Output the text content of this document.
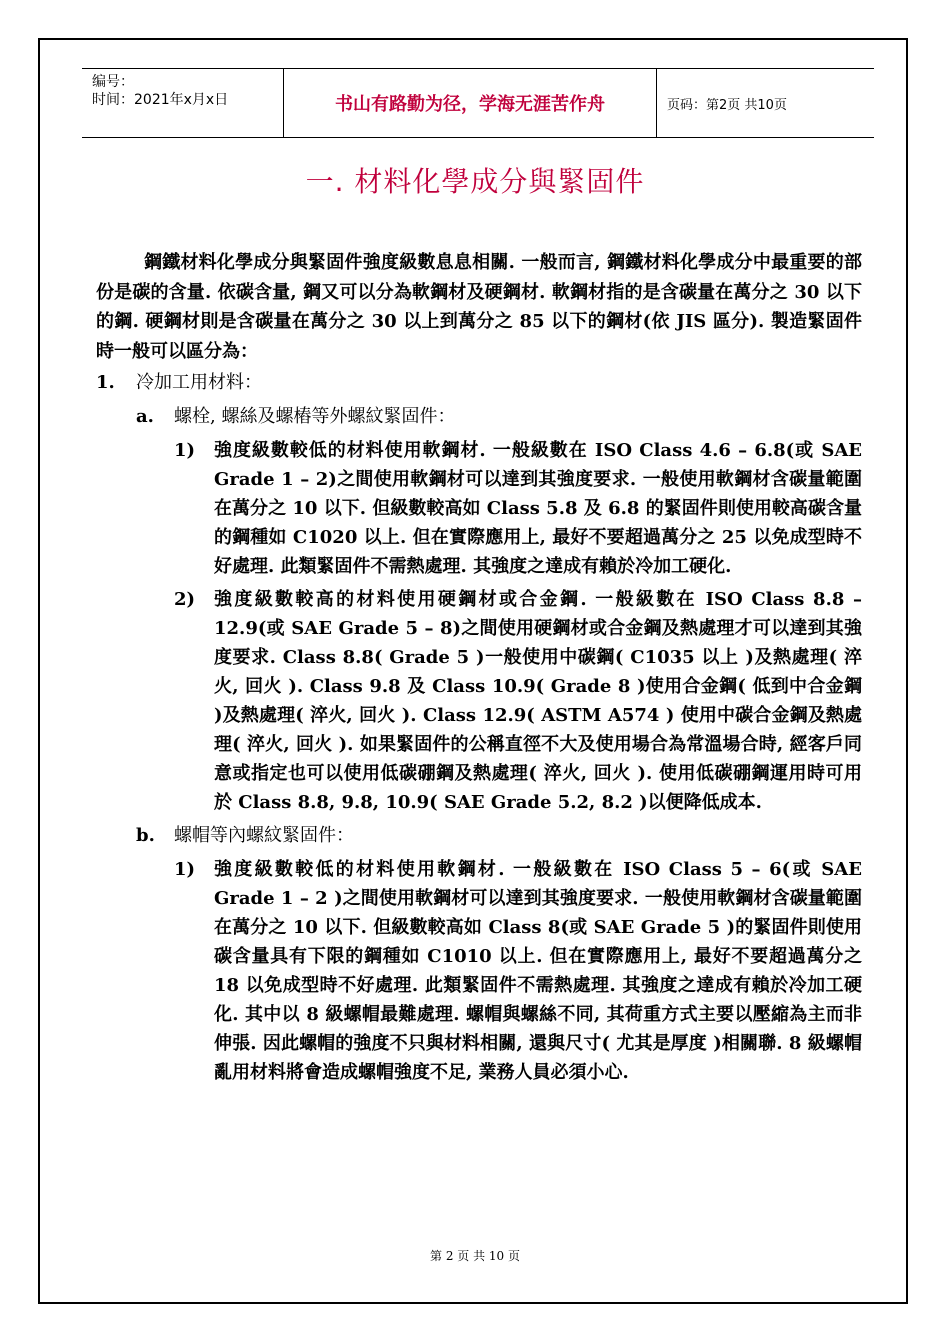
编号：
时间：2021年x月x日	书山有路勤为径，学海无涯苦作舟	页码：第2页 共10页
一. 材料化學成分與緊固件
鋼鐵材料化學成分與緊固件強度級數息息相關. 一般而言, 鋼鐵材料化學成分中最重要的部份是碳的含量. 依碳含量, 鋼又可以分為軟鋼材及硬鋼材. 軟鋼材指的是含碳量在萬分之 30 以下的鋼. 硬鋼材則是含碳量在萬分之 30 以上到萬分之 85 以下的鋼材(依 JIS 區分). 製造緊固件時一般可以區分為：
1.	冷加工用材料：
a.	螺栓, 螺絲及螺樁等外螺紋緊固件：
1)	強度級數較低的材料使用軟鋼材. 一般級數在 ISO Class 4.6 – 6.8(或 SAE Grade 1 – 2)之間使用軟鋼材可以達到其強度要求. 一般使用軟鋼材含碳量範圍在萬分之 10 以下. 但級數較高如 Class 5.8 及 6.8 的緊固件則使用較高碳含量的鋼種如 C1020 以上. 但在實際應用上, 最好不要超過萬分之 25 以免成型時不好處理. 此類緊固件不需熱處理. 其強度之達成有賴於冷加工硬化.
2)	強度級數較高的材料使用硬鋼材或合金鋼. 一般級數在 ISO Class 8.8 – 12.9(或 SAE Grade 5 – 8)之間使用硬鋼材或合金鋼及熱處理才可以達到其強度要求. Class 8.8( Grade 5 )一般使用中碳鋼( C1035 以上 )及熱處理( 淬火, 回火 ). Class 9.8 及 Class 10.9( Grade 8 )使用合金鋼( 低到中合金鋼 )及熱處理( 淬火, 回火 ). Class 12.9( ASTM A574 ) 使用中碳合金鋼及熱處理( 淬火, 回火 ). 如果緊固件的公稱直徑不大及使用場合為常溫場合時, 經客戶同意或指定也可以使用低碳硼鋼及熱處理( 淬火, 回火 ). 使用低碳硼鋼運用時可用於 Class 8.8, 9.8, 10.9( SAE Grade 5.2, 8.2 )以便降低成本.
b.	螺帽等內螺紋緊固件：
1)	強度級數較低的材料使用軟鋼材. 一般級數在 ISO Class 5 – 6(或 SAE Grade 1 – 2 )之間使用軟鋼材可以達到其強度要求. 一般使用軟鋼材含碳量範圍在萬分之 10 以下. 但級數較高如 Class 8(或 SAE Grade 5 )的緊固件則使用碳含量具有下限的鋼種如 C1010 以上. 但在實際應用上, 最好不要超過萬分之 18 以免成型時不好處理. 此類緊固件不需熱處理. 其強度之達成有賴於冷加工硬化. 其中以 8 級螺帽最難處理. 螺帽與螺絲不同, 其荷重方式主要以壓縮為主而非伸張. 因此螺帽的強度不只與材料相關, 還與尺寸( 尤其是厚度 )相關聯. 8 級螺帽亂用材料將會造成螺帽強度不足, 業務人員必須小心.
第 2 页 共 10 页
